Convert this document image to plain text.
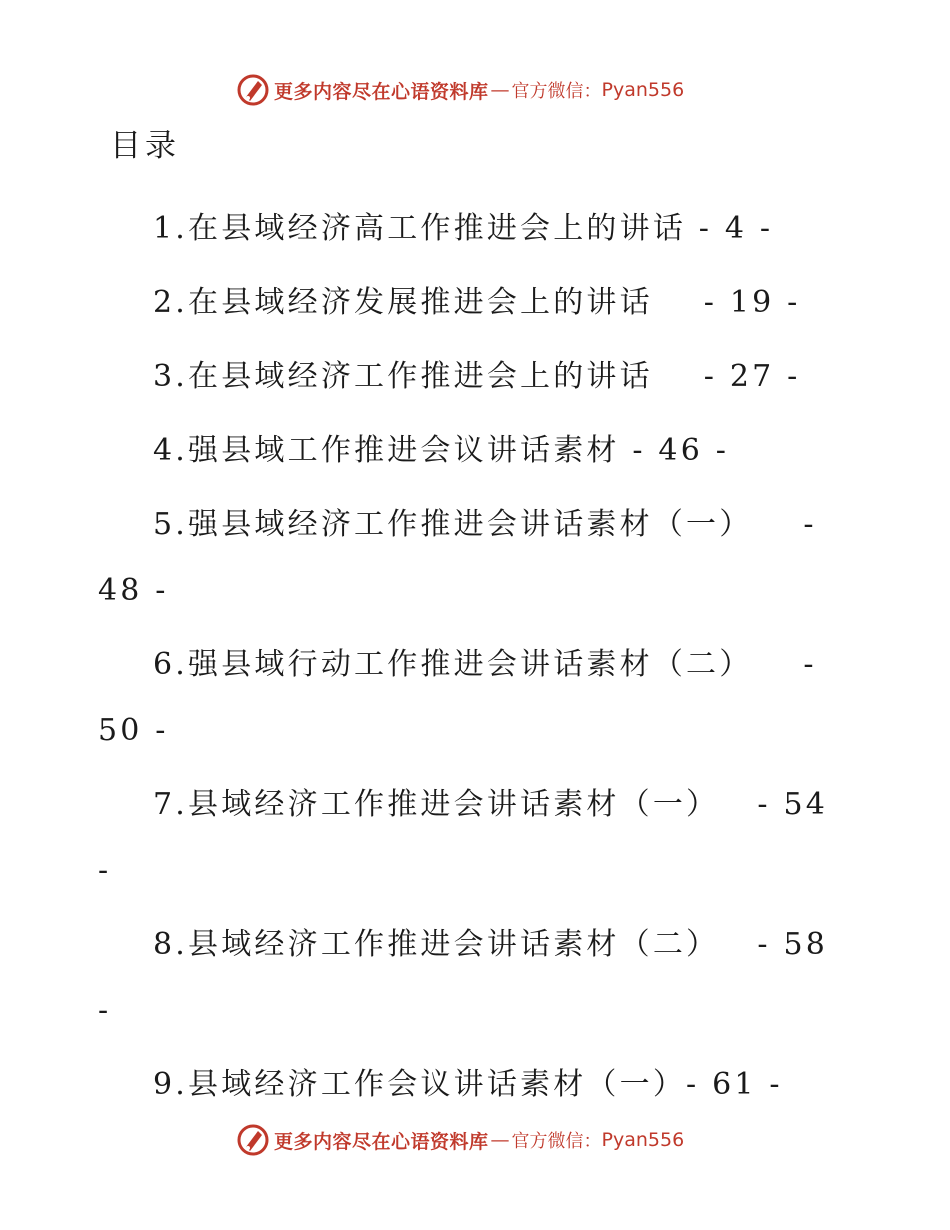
更多内容尽在心语资料库 — 官方微信： Pyan556
目录
1.在县域经济高工作推进会上的讲话 - 4 -
2.在县域经济发展推进会上的讲话    - 19 -
3.在县域经济工作推进会上的讲话    - 27 -
4.强县域工作推进会议讲话素材 - 46 -
5.强县域经济工作推进会讲话素材（一）    - 48 -
6.强县域行动工作推进会讲话素材（二）    - 50 -
7.县域经济工作推进会讲话素材（一）   - 54 -
8.县域经济工作推进会讲话素材（二）   - 58 -
9.县域经济工作会议讲话素材（一）- 61 -
更多内容尽在心语资料库 — 官方微信： Pyan556
